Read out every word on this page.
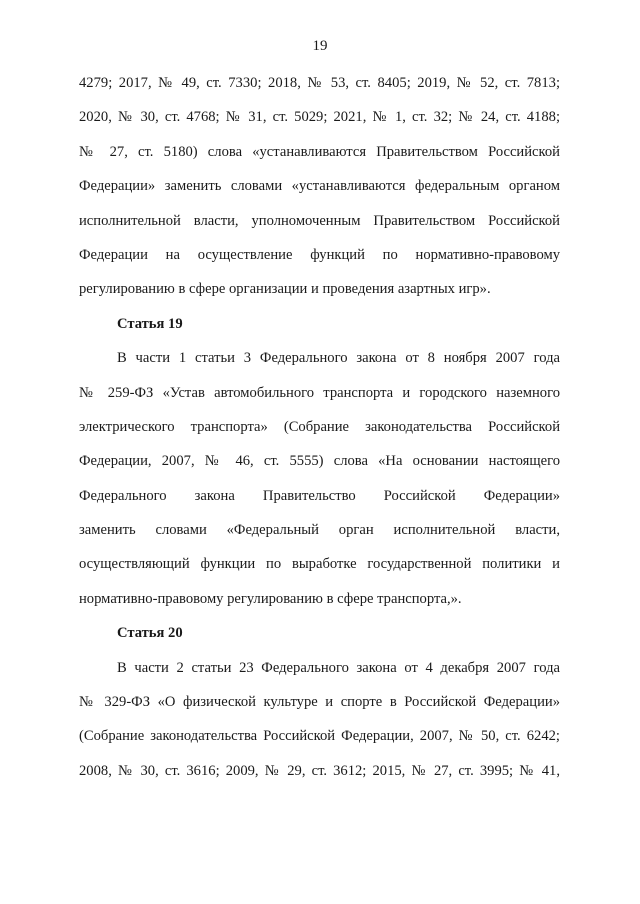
19
4279; 2017, № 49, ст. 7330; 2018, № 53, ст. 8405; 2019, № 52, ст. 7813;
2020, № 30, ст. 4768; № 31, ст. 5029; 2021, № 1, ст. 32; № 24, ст. 4188;
№ 27, ст. 5180) слова «устанавливаются Правительством Российской
Федерации» заменить словами «устанавливаются федеральным органом
исполнительной власти, уполномоченным Правительством Российской
Федерации на осуществление функций по нормативно-правовому
регулированию в сфере организации и проведения азартных игр».
Статья 19
В части 1 статьи 3 Федерального закона от 8 ноября 2007 года
№ 259-ФЗ «Устав автомобильного транспорта и городского наземного
электрического транспорта» (Собрание законодательства Российской
Федерации, 2007, № 46, ст. 5555) слова «На основании настоящего
Федерального закона Правительство Российской Федерации»
заменить словами «Федеральный орган исполнительной власти,
осуществляющий функции по выработке государственной политики и
нормативно-правовому регулированию в сфере транспорта,».
Статья 20
В части 2 статьи 23 Федерального закона от 4 декабря 2007 года
№ 329-ФЗ «О физической культуре и спорте в Российской Федерации»
(Собрание законодательства Российской Федерации, 2007, № 50, ст. 6242;
2008, № 30, ст. 3616; 2009, № 29, ст. 3612; 2015, № 27, ст. 3995; № 41,
